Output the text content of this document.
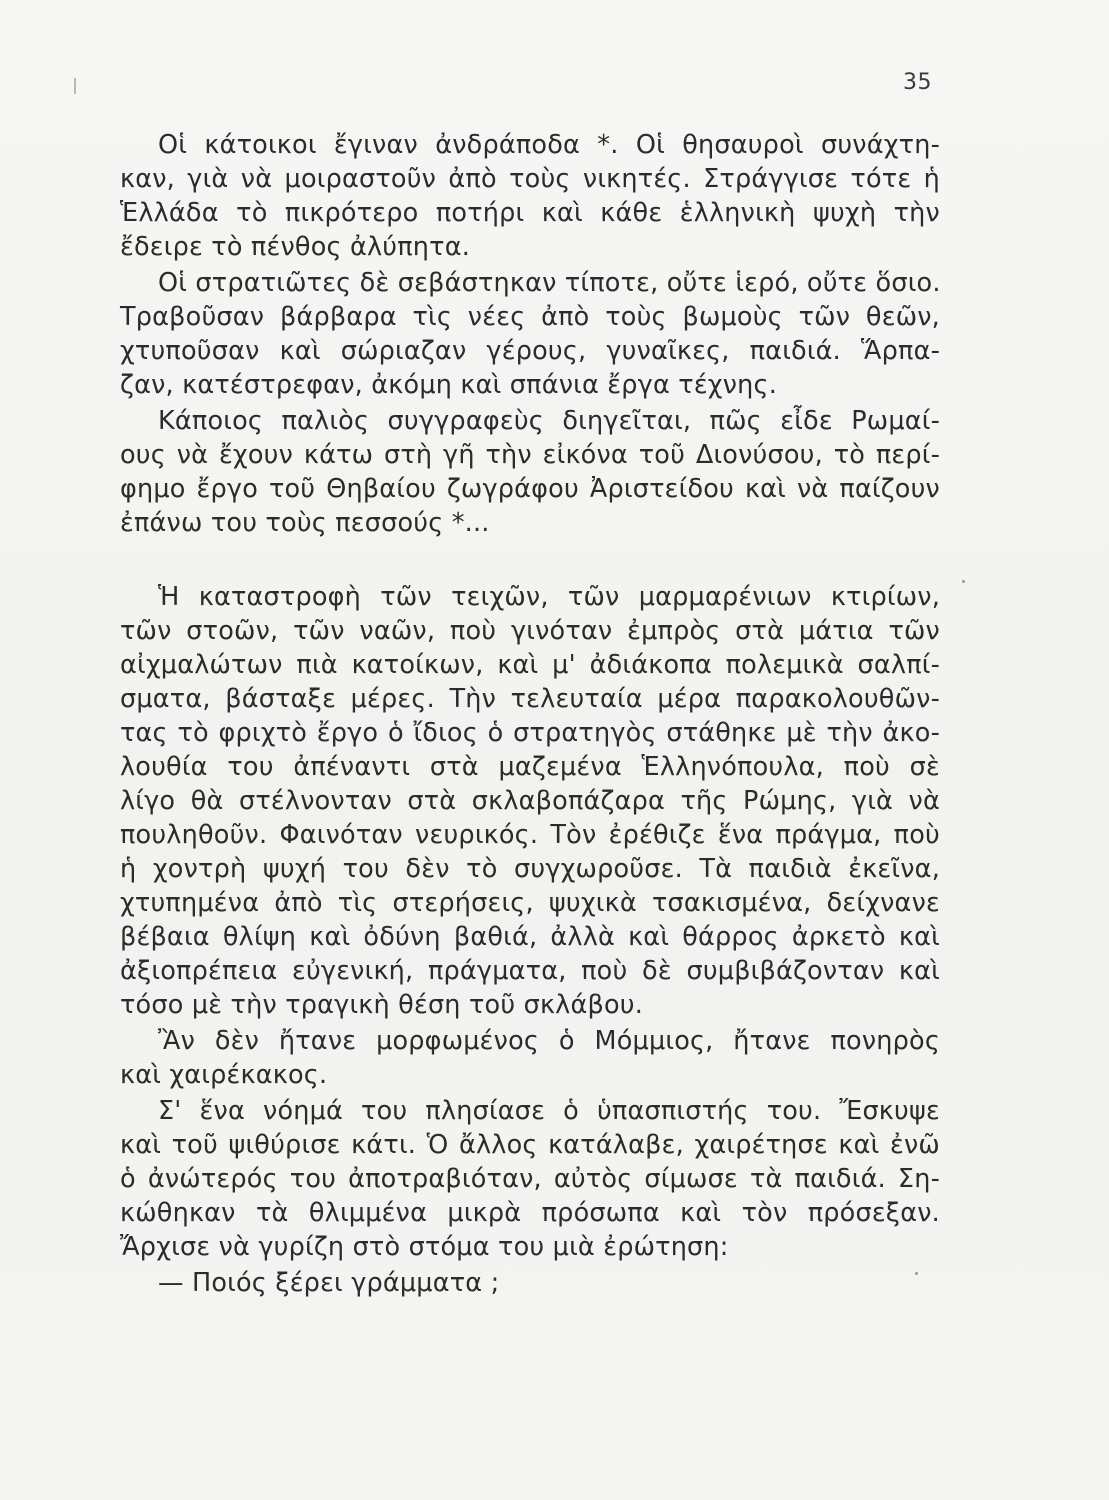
35
Οἱ κάτοικοι ἔγιναν ἀνδράποδα *. Οἱ θησαυροὶ συνάχτη-
καν, γιὰ νὰ μοιραστοῦν ἀπὸ τοὺς νικητές. Στράγγισε τότε ἡ
Ἑλλάδα τὸ πικρότερο ποτήρι καὶ κάθε ἑλληνικὴ ψυχὴ τὴν
ἔδειρε τὸ πένθος ἀλύπητα.
Οἱ στρατιῶτες δὲ σεβάστηκαν τίποτε, οὔτε ἱερό, οὔτε ὅσιο.
Τραβοῦσαν βάρβαρα τὶς νέες ἀπὸ τοὺς βωμοὺς τῶν θεῶν,
χτυποῦσαν καὶ σώριαζαν γέρους, γυναῖκες, παιδιά. Ἅρπα-
ζαν, κατέστρεφαν, ἀκόμη καὶ σπάνια ἔργα τέχνης.
Κάποιος παλιὸς συγγραφεὺς διηγεῖται, πῶς εἶδε Ρωμαί-
ους νὰ ἔχουν κάτω στὴ γῆ τὴν εἰκόνα τοῦ Διονύσου, τὸ περί-
φημο ἔργο τοῦ Θηβαίου ζωγράφου Ἀριστείδου καὶ νὰ παίζουν
ἐπάνω του τοὺς πεσσούς *...
Ἡ καταστροφὴ τῶν τειχῶν, τῶν μαρμαρένιων κτιρίων,
τῶν στοῶν, τῶν ναῶν, ποὺ γινόταν ἐμπρὸς στὰ μάτια τῶν
αἰχμαλώτων πιὰ κατοίκων, καὶ μ' ἀδιάκοπα πολεμικὰ σαλπί-
σματα, βάσταξε μέρες. Τὴν τελευταία μέρα παρακολουθῶν-
τας τὸ φριχτὸ ἔργο ὁ ἴδιος ὁ στρατηγὸς στάθηκε μὲ τὴν ἀκο-
λουθία του ἀπέναντι στὰ μαζεμένα Ἑλληνόπουλα, ποὺ σὲ
λίγο θὰ στέλνονταν στὰ σκλαβοπάζαρα τῆς Ρώμης, γιὰ νὰ
πουληθοῦν. Φαινόταν νευρικός. Τὸν ἐρέθιζε ἕνα πράγμα, ποὺ
ἡ χοντρὴ ψυχή του δὲν τὸ συγχωροῦσε. Τὰ παιδιὰ ἐκεῖνα,
χτυπημένα ἀπὸ τὶς στερήσεις, ψυχικὰ τσακισμένα, δείχνανε
βέβαια θλίψη καὶ ὀδύνη βαθιά, ἀλλὰ καὶ θάρρος ἀρκετὸ καὶ
ἀξιοπρέπεια εὐγενική, πράγματα, ποὺ δὲ συμβιβάζονταν καὶ
τόσο μὲ τὴν τραγικὴ θέση τοῦ σκλάβου.
Ἂν δὲν ἤτανε μορφωμένος ὁ Μόμμιος, ἤτανε πονηρὸς
καὶ χαιρέκακος.
Σ' ἕνα νόημά του πλησίασε ὁ ὑπασπιστής του. Ἔσκυψε
καὶ τοῦ ψιθύρισε κάτι. Ὁ ἄλλος κατάλαβε, χαιρέτησε καὶ ἐνῶ
ὁ ἀνώτερός του ἀποτραβιόταν, αὐτὸς σίμωσε τὰ παιδιά. Ση-
κώθηκαν τὰ θλιμμένα μικρὰ πρόσωπα καὶ τὸν πρόσεξαν.
Ἄρχισε νὰ γυρίζη στὸ στόμα του μιὰ ἐρώτηση:
— Ποιός ξέρει γράμματα ;
